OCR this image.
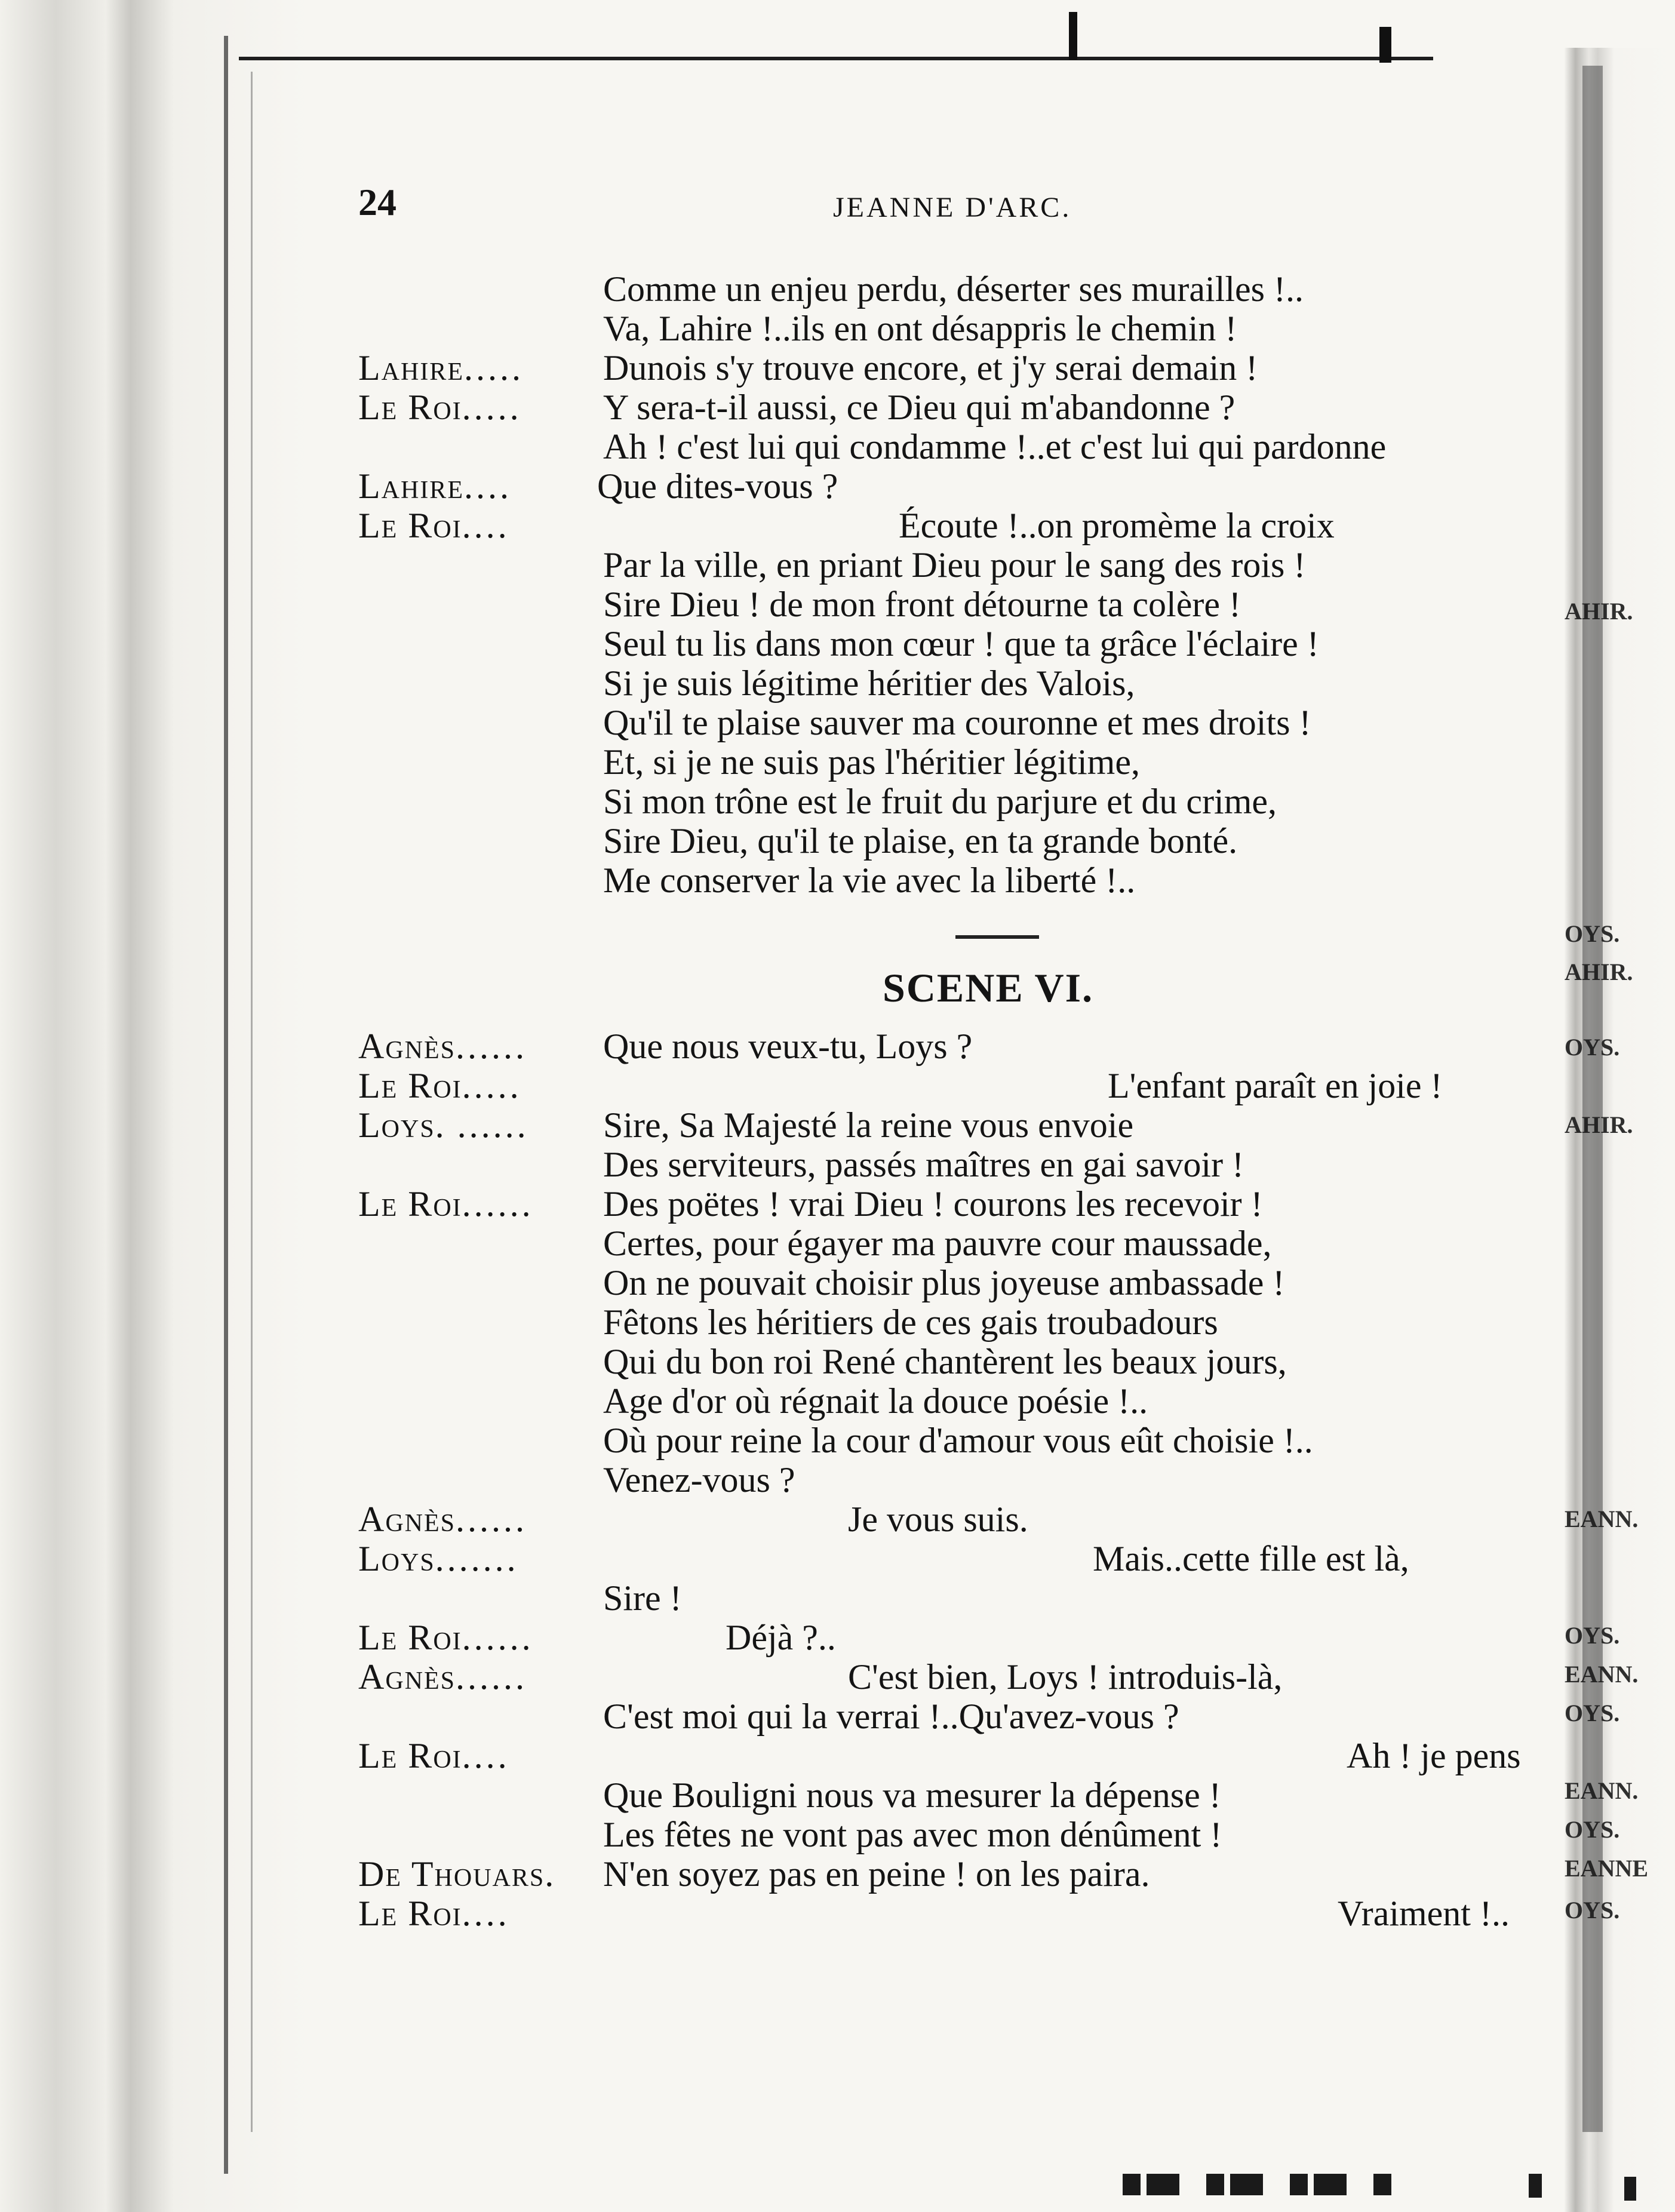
24	JEANNE D'ARC.
Comme un enjeu perdu, déserter ses murailles !..
Va, Lahire !..ils en ont désappris le chemin !
Lahire..... Dunois s'y trouve encore, et j'y serai demain !
Le Roi..... Y sera-t-il aussi, ce Dieu qui m'abandonne ?
Ah ! c'est lui qui condamme !..et c'est lui qui pardonne
Lahire.... Que dites-vous ?
Le Roi....	Écoute !..on promème la croix
Par la ville, en priant Dieu pour le sang des rois !
Sire Dieu ! de mon front détourne ta colère !
Seul tu lis dans mon cœur ! que ta grâce l'éclaire !
Si je suis légitime héritier des Valois,
Qu'il te plaise sauver ma couronne et mes droits !
Et, si je ne suis pas l'héritier légitime,
Si mon trône est le fruit du parjure et du crime,
Sire Dieu, qu'il te plaise, en ta grande bonté.
Me conserver la vie avec la liberté !..
SCENE VI.
Agnès...... Que nous veux-tu, Loys ?
Le Roi.....	L'enfant paraît en joie !
Loys. ...... Sire, Sa Majesté la reine vous envoie
Des serviteurs, passés maîtres en gai savoir !
Le Roi...... Des poëtes ! vrai Dieu ! courons les recevoir !
Certes, pour égayer ma pauvre cour maussade,
On ne pouvait choisir plus joyeuse ambassade !
Fêtons les héritiers de ces gais troubadours
Qui du bon roi René chantèrent les beaux jours,
Age d'or où régnait la douce poésie !..
Où pour reine la cour d'amour vous eût choisie !..
Venez-vous ?
Agnès......	Je vous suis.
Loys.......	Mais..cette fille est là,
Sire !
Le Roi......	Déjà ?..
Agnès......	C'est bien, Loys ! introduis-là,
C'est moi qui la verrai !..Qu'avez-vous ?
Le Roi....	Ah ! je pens
Que Bouligni nous va mesurer la dépense !
Les fêtes ne vont pas avec mon dénûment !
De Thouars. N'en soyez pas en peine ! on les paira.
Le Roi....	Vraiment !..
AHIR.
OYS.
AHIR.
OYS.
AHIR.
EANN.
OYS.
EANN.
OYS.
EANN.
OYS.
EANNE
OYS.
